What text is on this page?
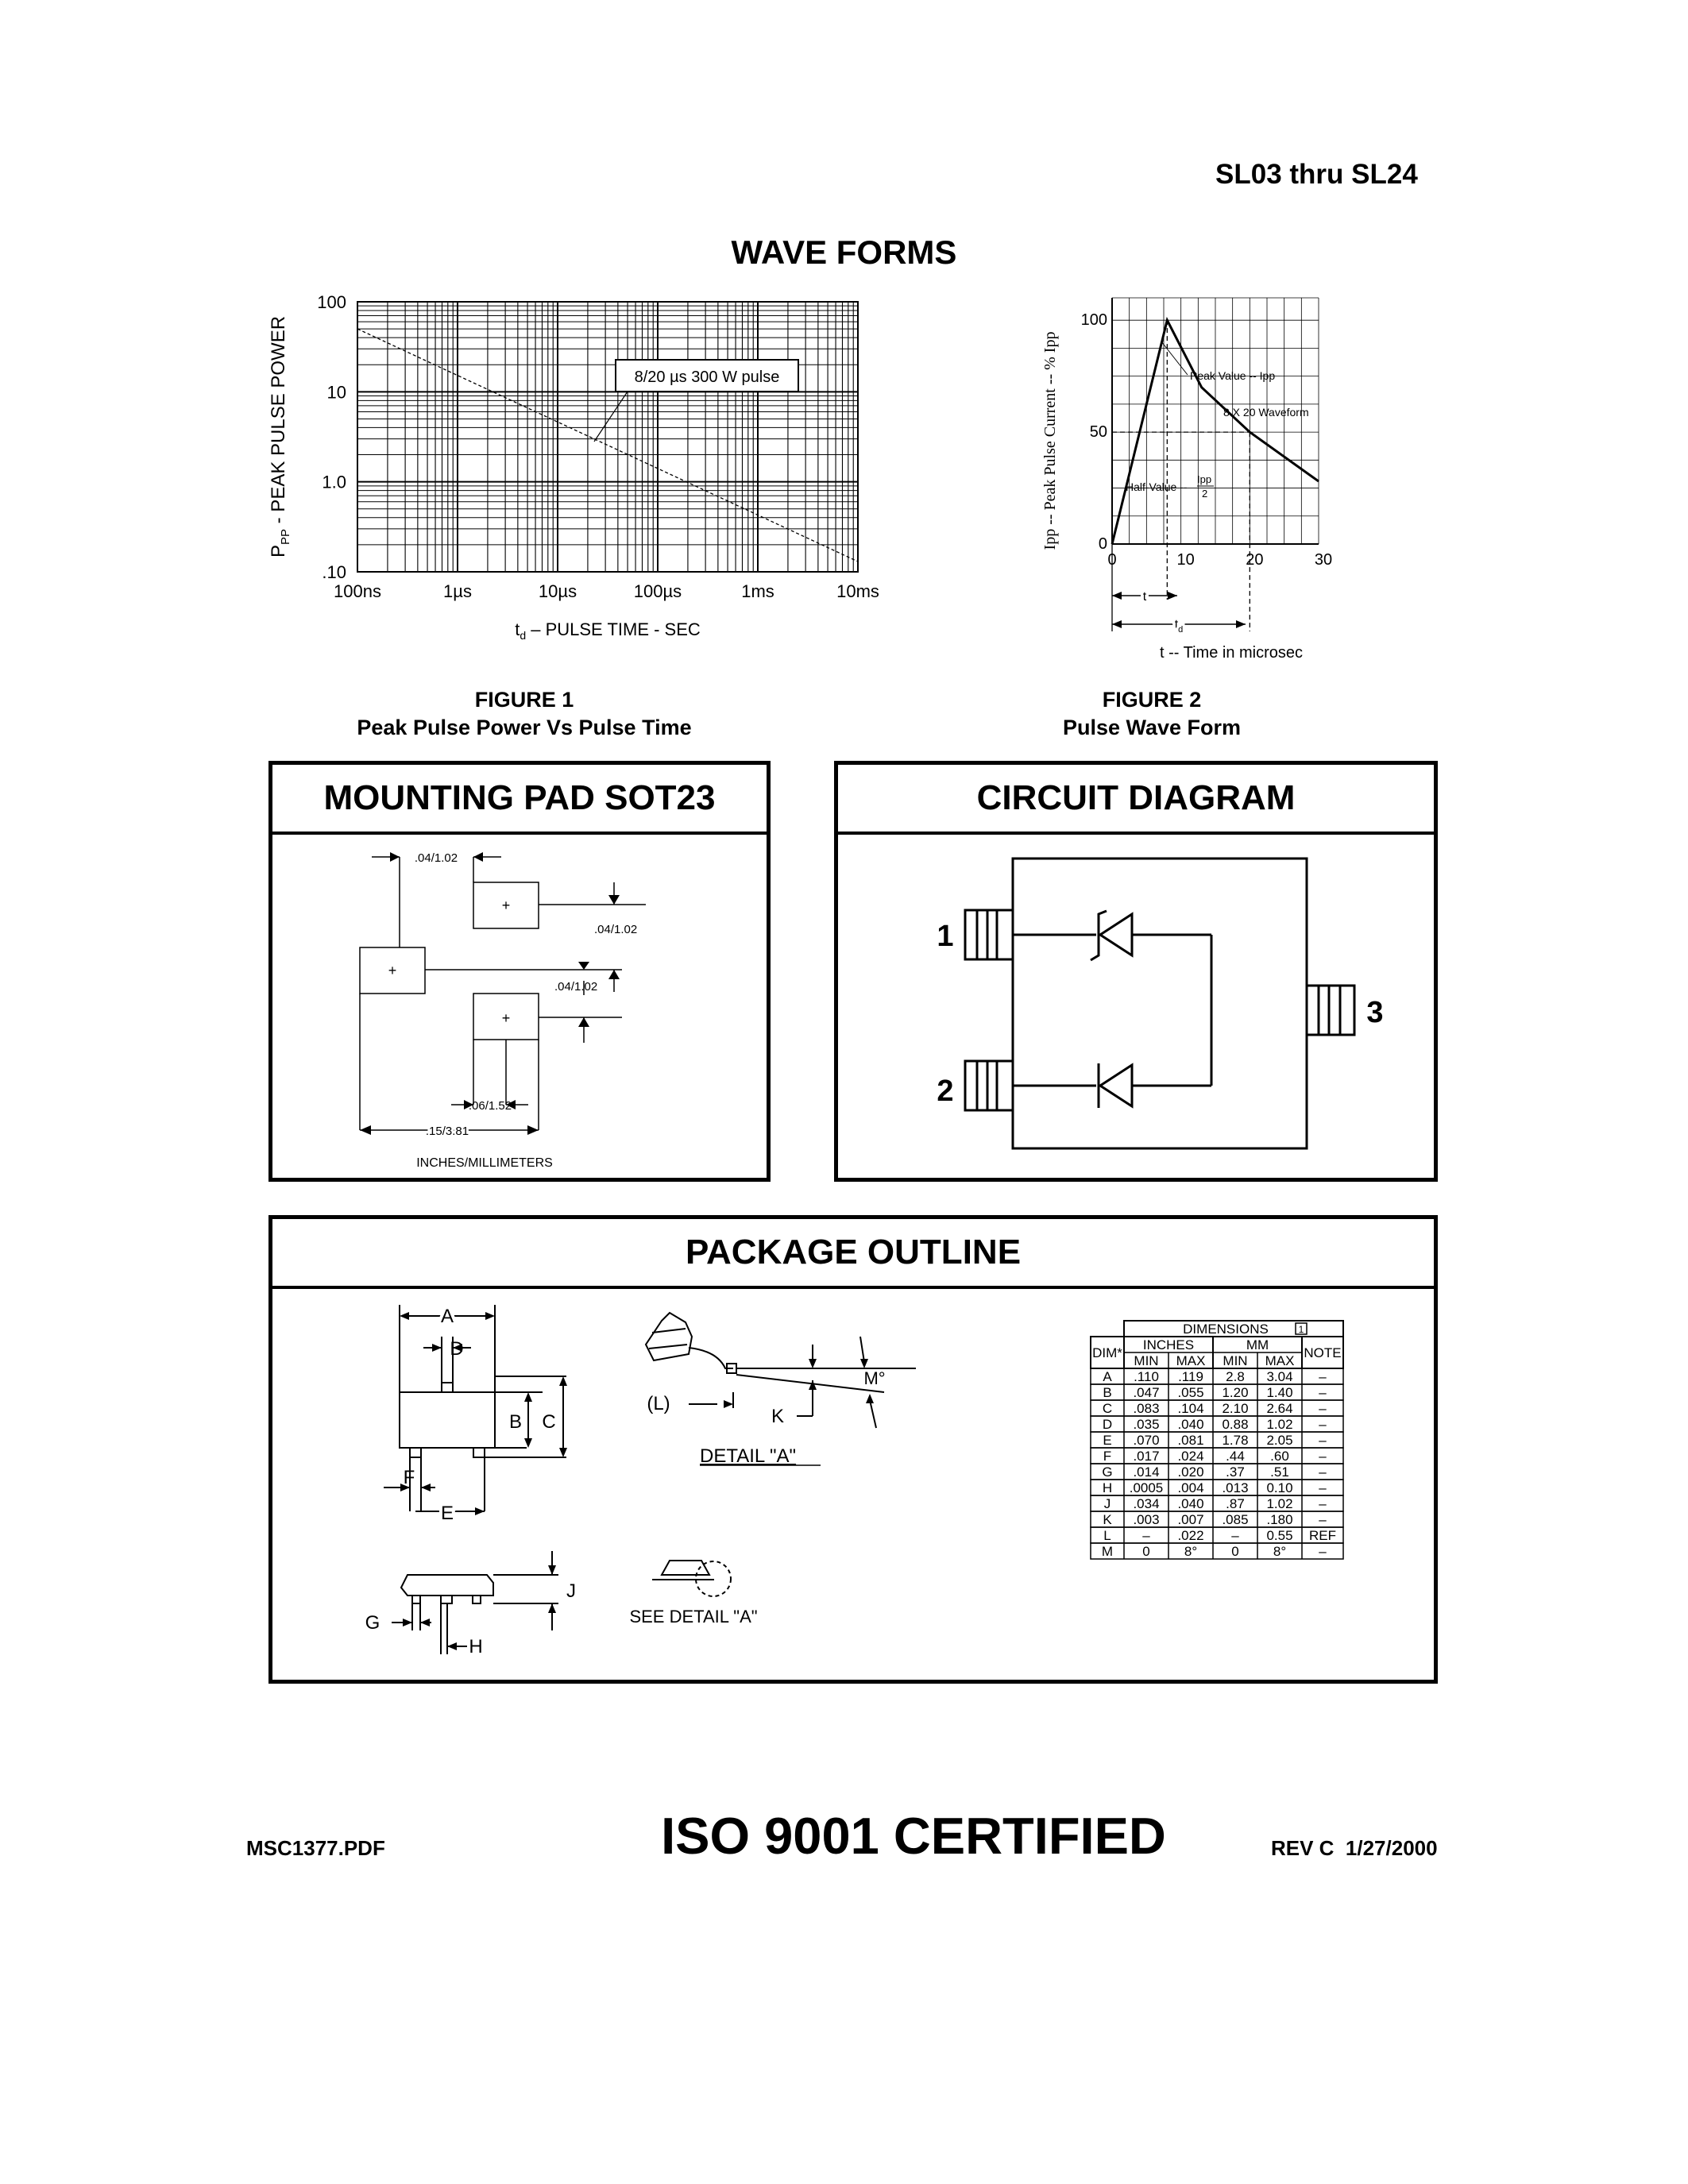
SL03 thru SL24
WAVE FORMS
8/20 µs 300 W pulse
100
10
1.0
.10
100ns	1µs	10µs	100µs	1ms	10ms
$P_{PP}$ - PEAK PULSE POWER
$t_d$ – PULSE TIME - SEC
100
50
0
0	10	20	30
Ipp -- Peak Pulse Current -- % Ipp	Peak Value -- Ipp
8 X 20 Waveform
Half-Value --
Ipp
2
t
$t_d$
t -- Time in microsec
FIGURE 1
Peak Pulse Power Vs Pulse Time
FIGURE 2
Pulse Wave Form
MOUNTING PAD SOT23
+
+
+
.04/1.02
.04/1.02
.04/1.02
.06/1.52
.15/3.81
INCHES/MILLIMETERS
CIRCUIT DIAGRAM
1
2
3
PACKAGE OUTLINE
A
D
B C
F
E
J
G
H
(L)
K
M°
DETAIL "A"
SEE DETAIL "A"
DIMENSIONS	1
DIM*
INCHES	MM
NOTE
MIN MAX MIN MAX
A .110 .119 2.8 3.04 –
B .047 .055 1.20 1.40 –
C .083 .104 2.10 2.64 –
D .035 .040 0.88 1.02 –
E .070 .081 1.78 2.05 –
F .017 .024 .44 .60 –
G .014 .020 .37 .51 –
H .0005 .004 .013 0.10 –
J .034 .040 .87 1.02 –
K .003 .007 .085 .180 –
L – .022 – 0.55 REF
M 0	8°	0	8° –
MSC1377.PDF	ISO 9001 CERTIFIED	REV C  1/27/2000
